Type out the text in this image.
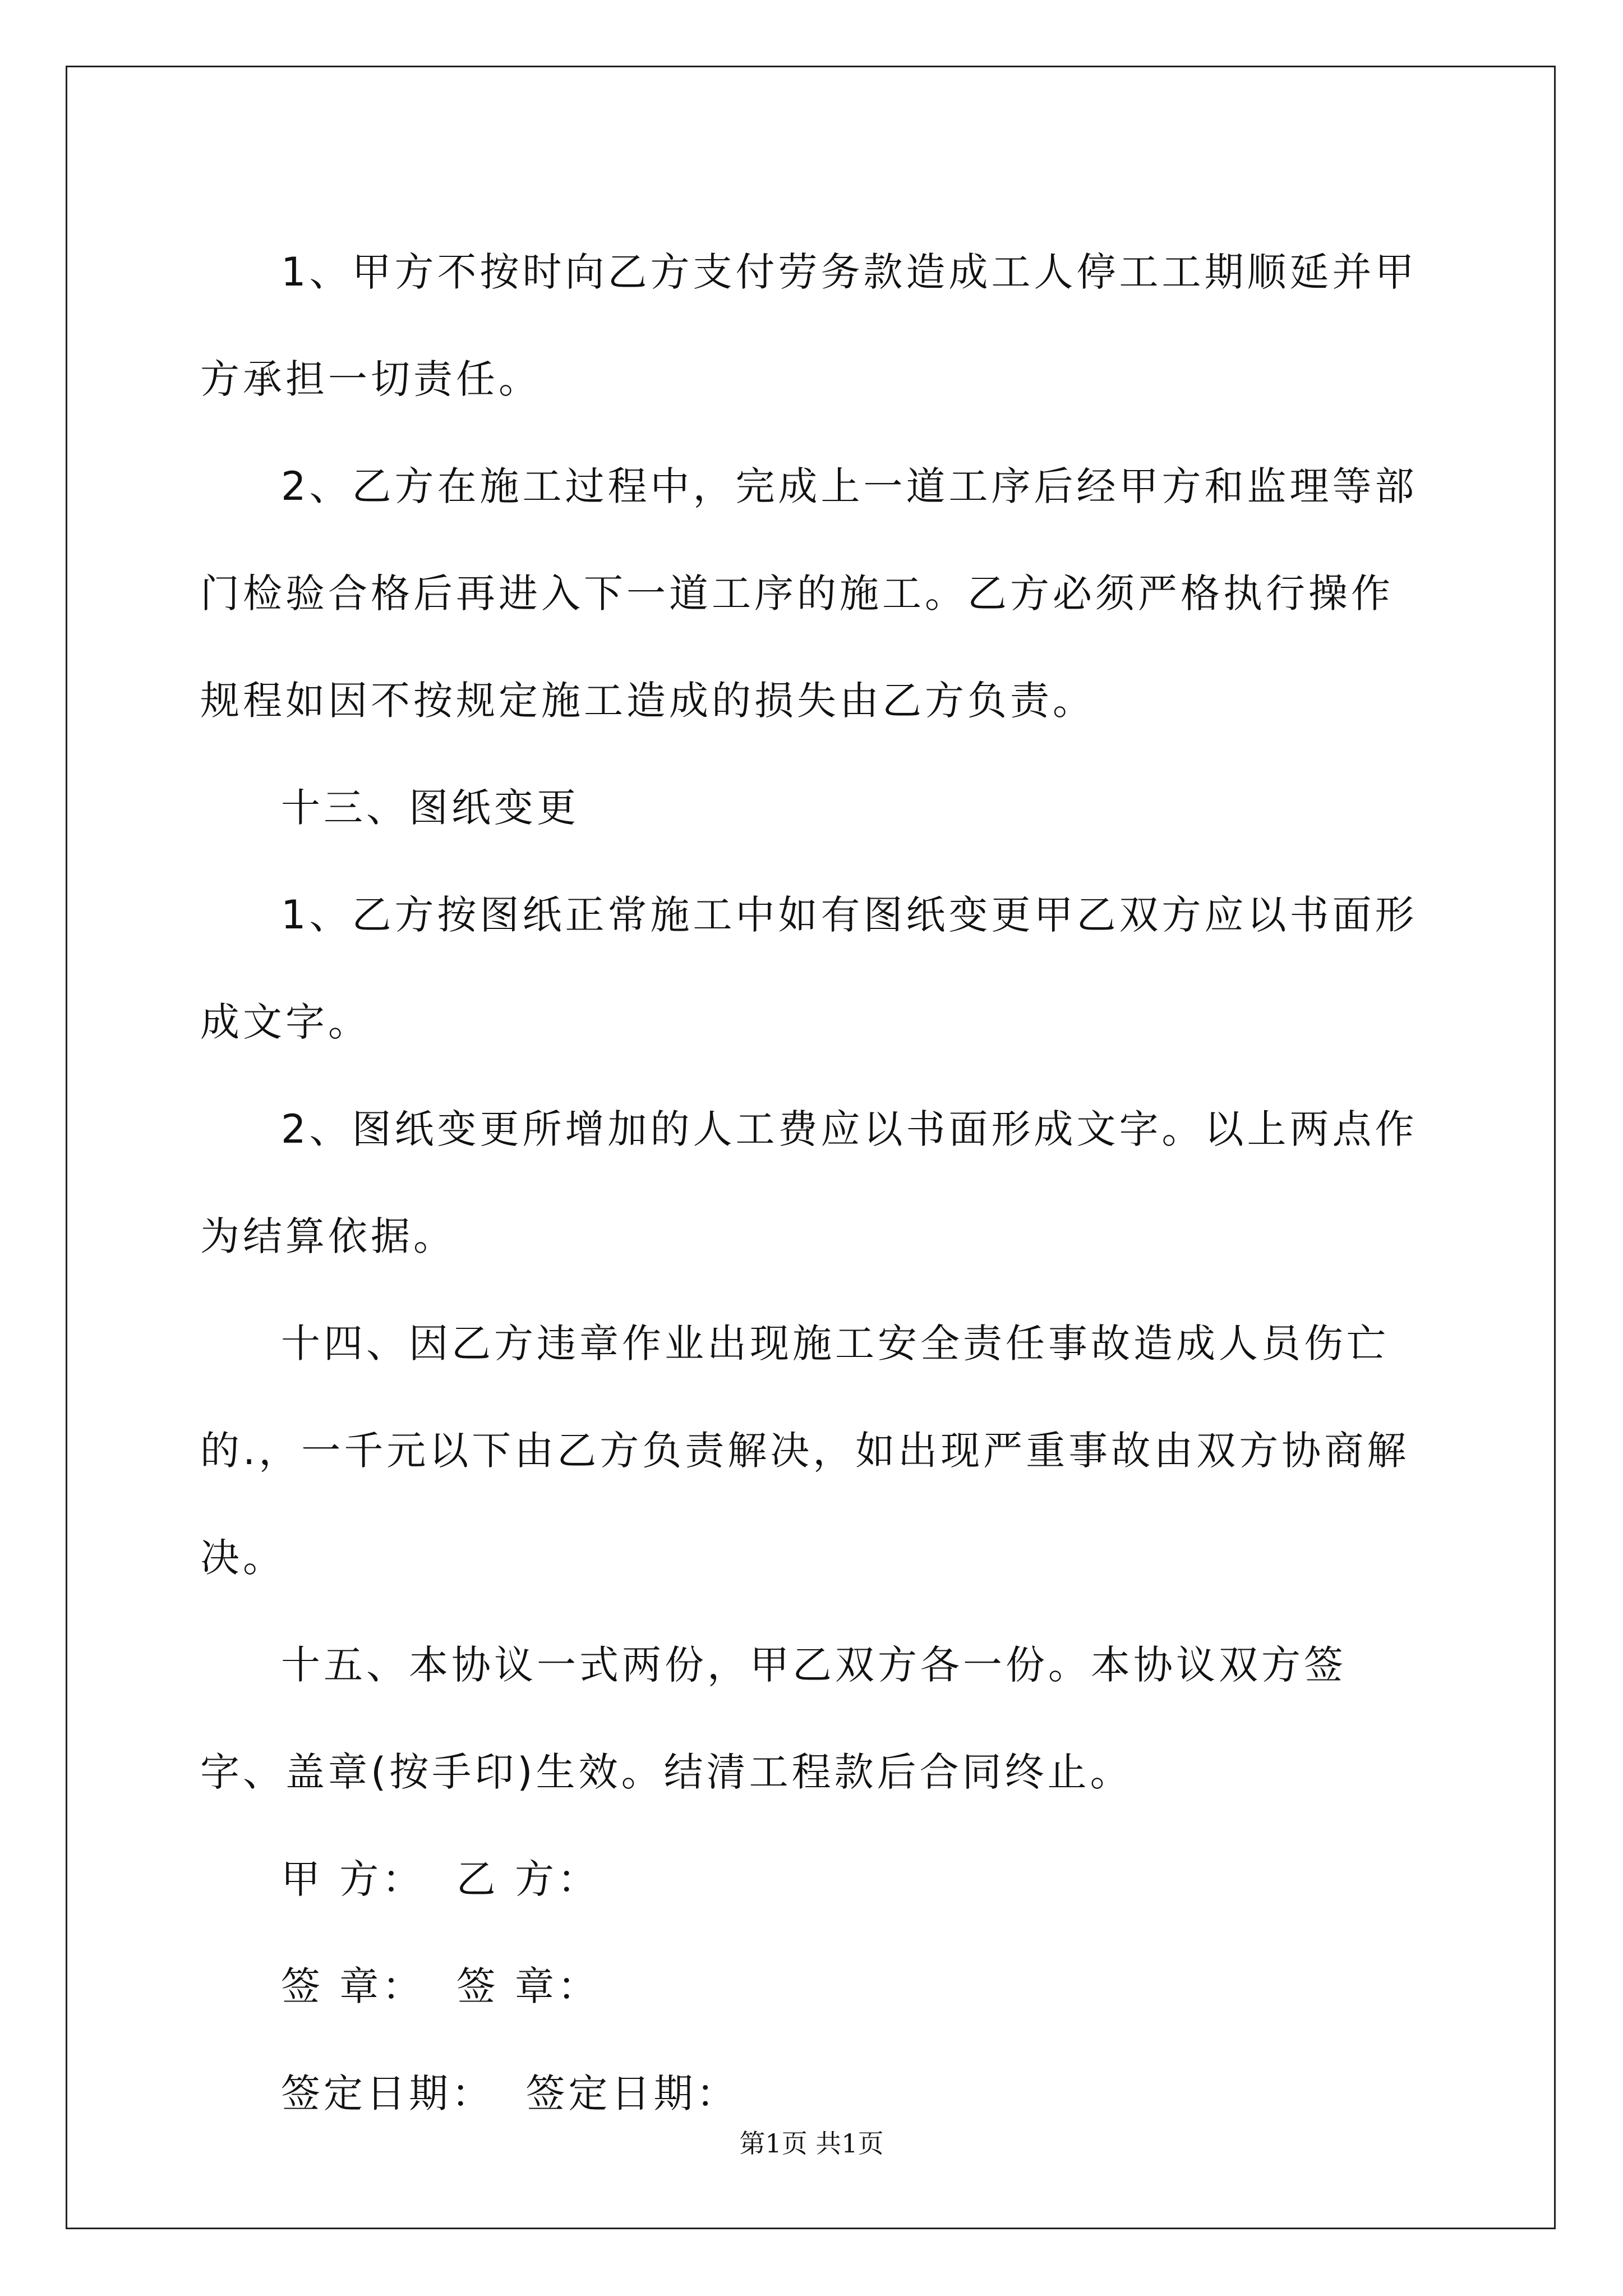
1、甲方不按时向乙方支付劳务款造成工人停工工期顺延并甲方承担一切责任。

2、乙方在施工过程中，完成上一道工序后经甲方和监理等部门检验合格后再进入下一道工序的施工。乙方必须严格执行操作规程如因不按规定施工造成的损失由乙方负责。

十三、图纸变更

1、乙方按图纸正常施工中如有图纸变更甲乙双方应以书面形成文字。

2、图纸变更所增加的人工费应以书面形成文字。以上两点作为结算依据。

十四、因乙方违章作业出现施工安全责任事故造成人员伤亡的.，一千元以下由乙方负责解决，如出现严重事故由双方协商解决。

十五、本协议一式两份，甲乙双方各一份。本协议双方签字、盖章(按手印)生效。结清工程款后合同终止。

甲 方：  乙 方：

签 章：  签 章：

签定日期：  签定日期：

第1页 共1页
